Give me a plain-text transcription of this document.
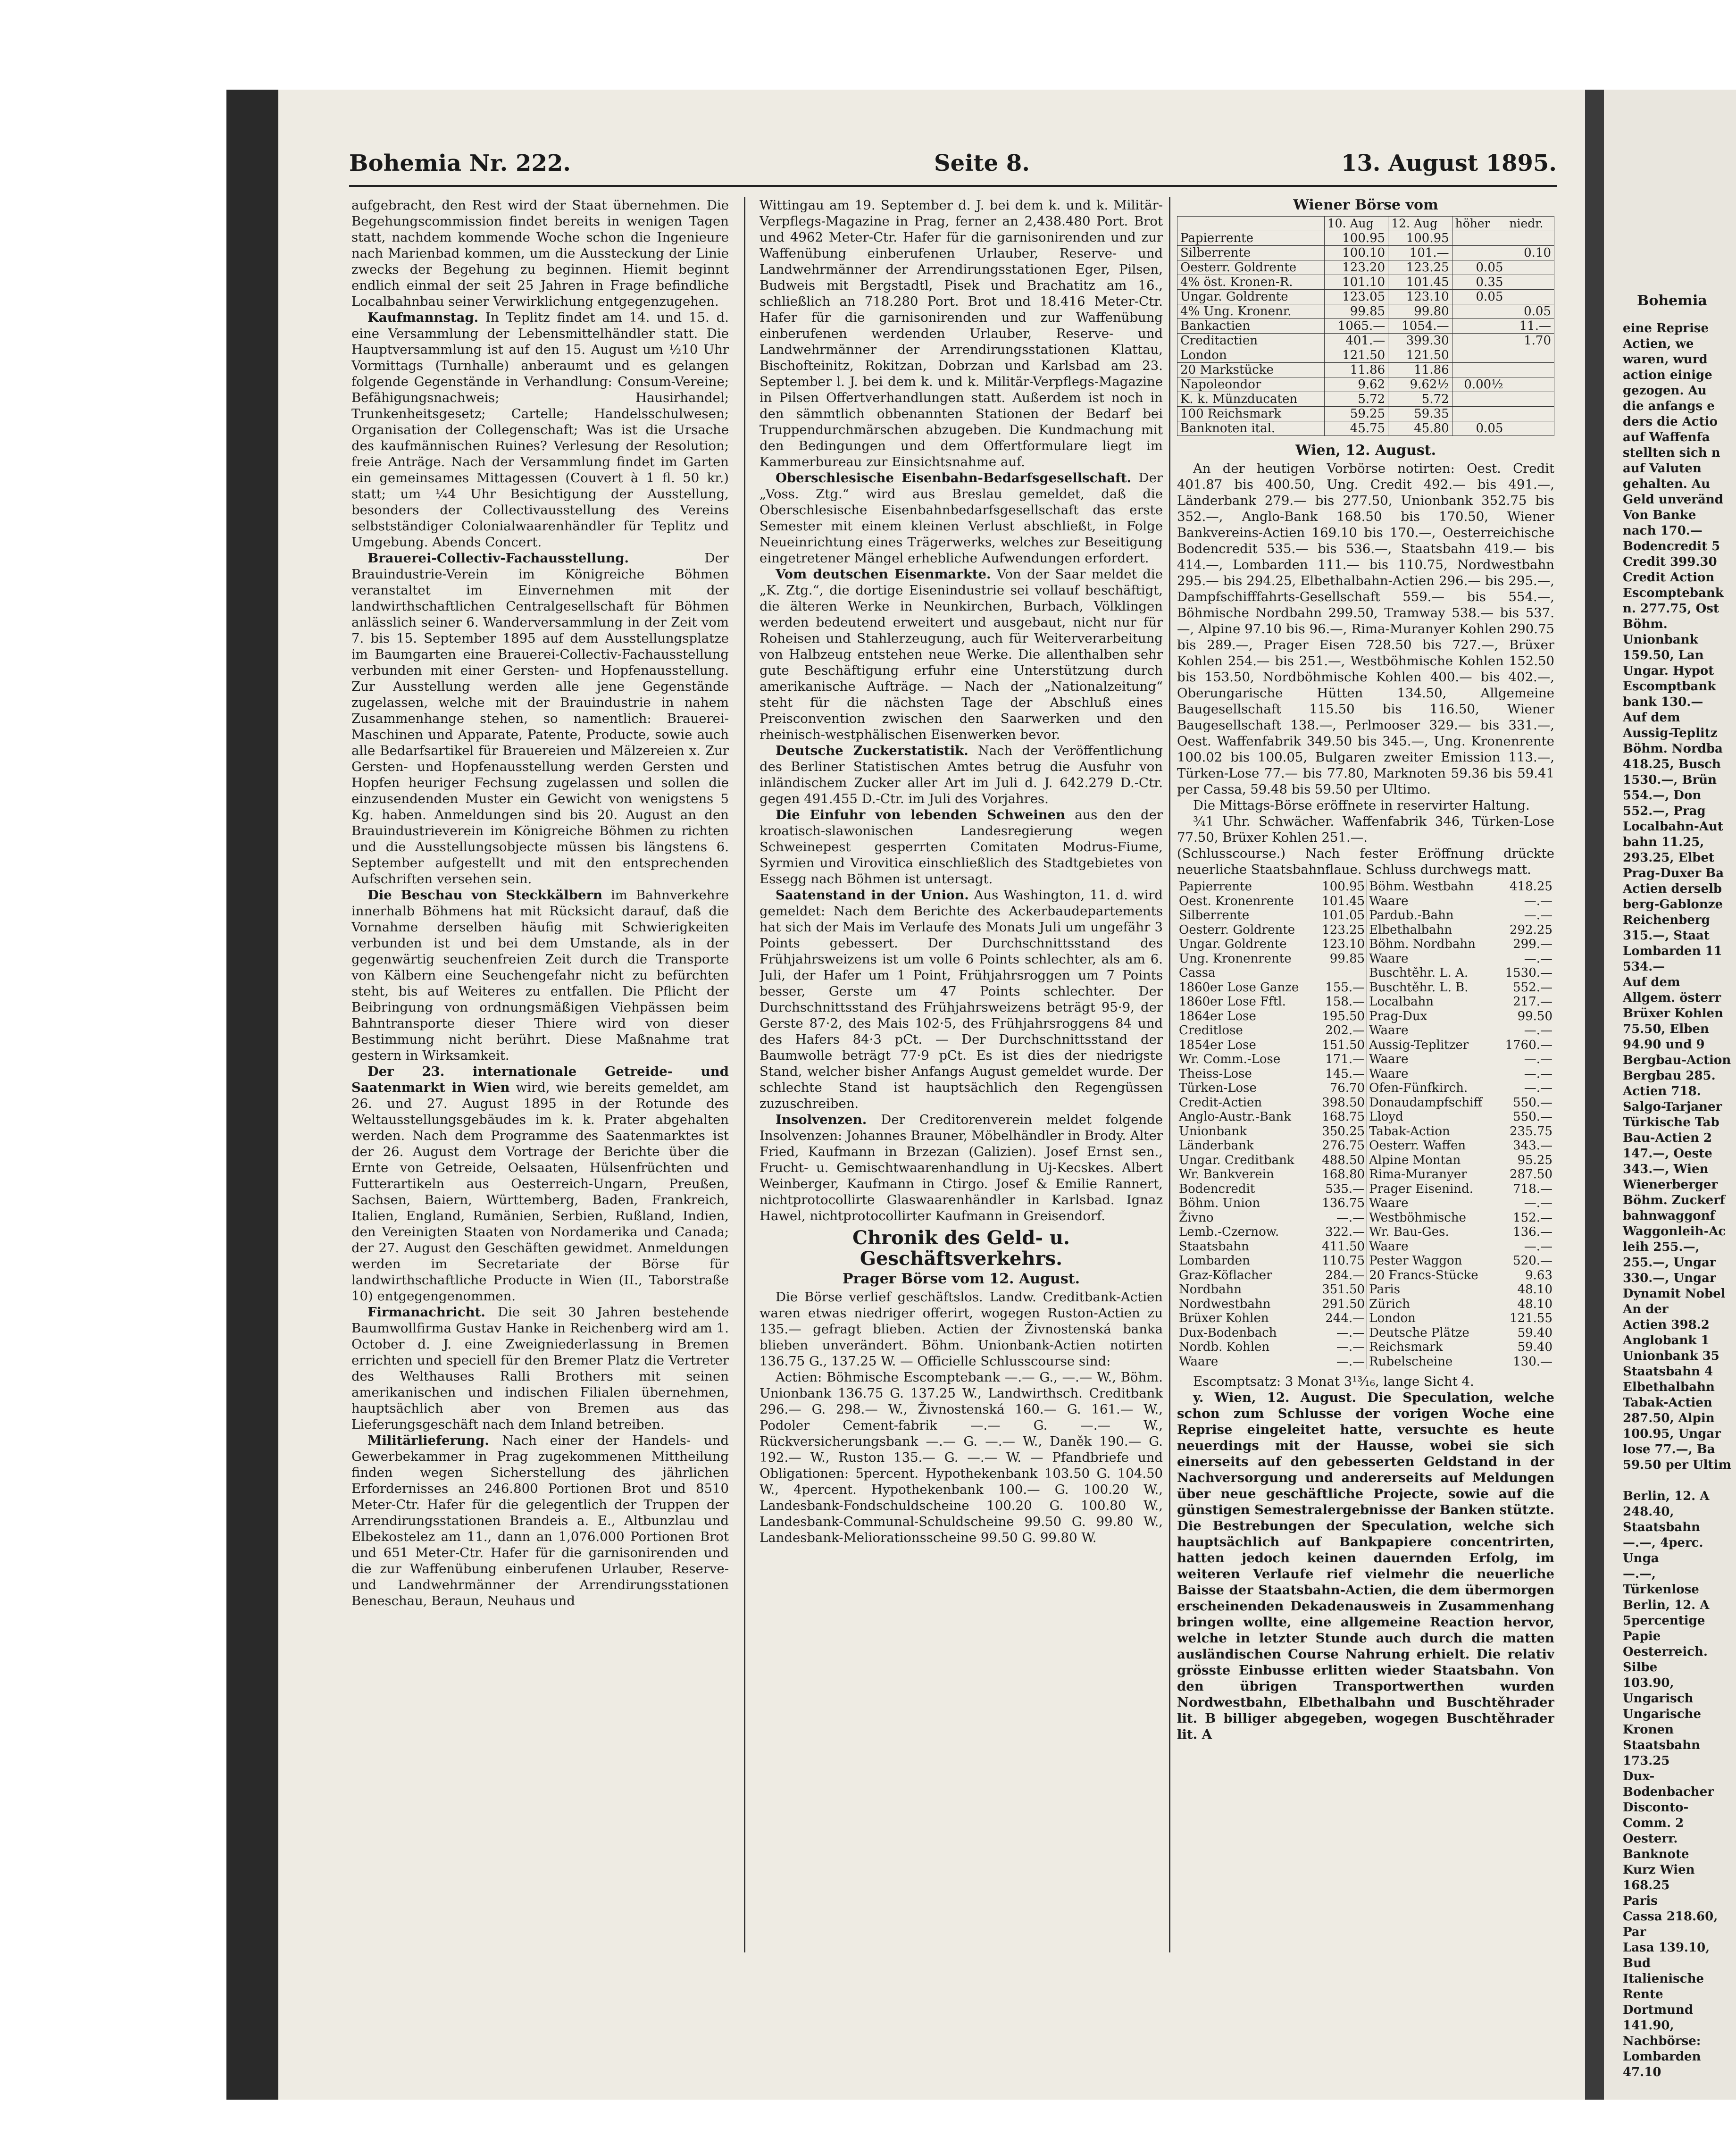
Bohemia
eine Reprise
Actien, we
waren, wurd
action einige
gezogen. Au
die anfangs e
ders die Actio
auf Waffenfa
stellten sich n
auf Valuten
gehalten. Au
Geld unveränd
Von Banke
nach 170.—
Bodencredit 5
Credit 399.30
Credit Action
Escomptebank
n. 277.75, Ost
Böhm. Unionbank
159.50, Lan
Ungar. Hypot
Escomptbank
bank 130.—
Auf dem
Aussig-Teplitz
Böhm. Nordba
418.25, Busch
1530.—, Brün
554.—, Don
552.—, Prag
Localbahn-Aut
bahn 11.25,
293.25, Elbet
Prag-Duxer Ba
Actien derselb
berg-Gablonze
Reichenberg
315.—, Staat
Lombarden 11
534.—
Auf dem
Allgem. österr
Brüxer Kohlen
75.50, Elben
94.90 und 9
Bergbau-Action
Bergbau 285.
Actien 718.
Salgo-Tarjaner
Türkische Tab
Bau-Actien 2
147.—, Oeste
343.—, Wien
Wienerberger
Böhm. Zuckerf
bahnwaggonf
Waggonleih-Ac
leih 255.—,
255.—, Ungar
330.—, Ungar
Dynamit Nobel
An der
Actien 398.2
Anglobank 1
Unionbank 35
Staatsbahn 4
Elbethalbahn
Tabak-Actien
287.50, Alpin
100.95, Ungar
lose 77.—, Ba
59.50 per Ultim

Berlin, 12. A
248.40, Staatsbahn
—.—, 4perc. Unga
—.—, Türkenlose
Berlin, 12. A
5percentige Papie
Oesterreich. Silbe
103.90, Ungarisch
Ungarische Kronen
Staatsbahn 173.25
Dux-Bodenbacher
Disconto-Comm. 2
Oesterr. Banknote
Kurz Wien 168.25
Paris
Cassa 218.60, Par
Lasa 139.10, Bud
Italienische Rente
Dortmund 141.90,
Nachbörse:
Lombarden 47.10
Bohemia Nr. 222.	Seite 8.	13. August 1895.

aufgebracht, den Rest wird der Staat übernehmen. Die Begehungscommission findet bereits in wenigen Tagen statt, nachdem kommende Woche schon die Ingenieure nach Marienbad kommen, um die Aussteckung der Linie zwecks der Begehung zu beginnen. Hiemit beginnt endlich einmal der seit 25 Jahren in Frage befindliche Localbahnbau seiner Verwirklichung entgegenzugehen.

Kaufmannstag. In Teplitz findet am 14. und 15. d. eine Versammlung der Lebensmittelhändler statt. Die Hauptversammlung ist auf den 15. August um ½10 Uhr Vormittags (Turnhalle) anberaumt und es gelangen folgende Gegenstände in Verhandlung: Consum-Vereine; Befähigungsnachweis; Hausirhandel; Trunkenheitsgesetz; Cartelle; Handelsschulwesen; Organisation der Collegenschaft; Was ist die Ursache des kaufmännischen Ruines? Verlesung der Resolution; freie Anträge. Nach der Versammlung findet im Garten ein gemeinsames Mittagessen (Couvert à 1 fl. 50 kr.) statt; um ¼4 Uhr Besichtigung der Ausstellung, besonders der Collectivausstellung des Vereins selbstständiger Colonialwaarenhändler für Teplitz und Umgebung. Abends Concert.

Brauerei-Collectiv-Fachausstellung. Der Brauindustrie-Verein im Königreiche Böhmen veranstaltet im Einvernehmen mit der landwirthschaftlichen Centralgesellschaft für Böhmen anlässlich seiner 6. Wanderversammlung in der Zeit vom 7. bis 15. September 1895 auf dem Ausstellungsplatze im Baumgarten eine Brauerei-Collectiv-Fachausstellung verbunden mit einer Gersten- und Hopfenausstellung. Zur Ausstellung werden alle jene Gegenstände zugelassen, welche mit der Brauindustrie in nahem Zusammenhange stehen, so namentlich: Brauerei-Maschinen und Apparate, Patente, Producte, sowie auch alle Bedarfsartikel für Brauereien und Mälzereien x. Zur Gersten- und Hopfenausstellung werden Gersten und Hopfen heuriger Fechsung zugelassen und sollen die einzusendenden Muster ein Gewicht von wenigstens 5 Kg. haben. Anmeldungen sind bis 20. August an den Brauindustrieverein im Königreiche Böhmen zu richten und die Ausstellungsobjecte müssen bis längstens 6. September aufgestellt und mit den entsprechenden Aufschriften versehen sein.

Die Beschau von Steckkälbern im Bahnverkehre innerhalb Böhmens hat mit Rücksicht darauf, daß die Vornahme derselben häufig mit Schwierigkeiten verbunden ist und bei dem Umstande, als in der gegenwärtig seuchenfreien Zeit durch die Transporte von Kälbern eine Seuchengefahr nicht zu befürchten steht, bis auf Weiteres zu entfallen. Die Pflicht der Beibringung von ordnungsmäßigen Viehpässen beim Bahntransporte dieser Thiere wird von dieser Bestimmung nicht berührt. Diese Maßnahme trat gestern in Wirksamkeit.

Der 23. internationale Getreide- und Saatenmarkt in Wien wird, wie bereits gemeldet, am 26. und 27. August 1895 in der Rotunde des Weltausstellungsgebäudes im k. k. Prater abgehalten werden. Nach dem Programme des Saatenmarktes ist der 26. August dem Vortrage der Berichte über die Ernte von Getreide, Oelsaaten, Hülsenfrüchten und Futterartikeln aus Oesterreich-Ungarn, Preußen, Sachsen, Baiern, Württemberg, Baden, Frankreich, Italien, England, Rumänien, Serbien, Rußland, Indien, den Vereinigten Staaten von Nordamerika und Canada; der 27. August den Geschäften gewidmet. Anmeldungen werden im Secretariate der Börse für landwirthschaftliche Producte in Wien (II., Taborstraße 10) entgegengenommen.

Firmanachricht. Die seit 30 Jahren bestehende Baumwollfirma Gustav Hanke in Reichenberg wird am 1. October d. J. eine Zweigniederlassung in Bremen errichten und speciell für den Bremer Platz die Vertreter des Welthauses Ralli Brothers mit seinen amerikanischen und indischen Filialen übernehmen, hauptsächlich aber von Bremen aus das Lieferungsgeschäft nach dem Inland betreiben.

Militärlieferung. Nach einer der Handels- und Gewerbekammer in Prag zugekommenen Mittheilung finden wegen Sicherstellung des jährlichen Erfordernisses an 246.800 Portionen Brot und 8510 Meter-Ctr. Hafer für die gelegentlich der Truppen der Arrendirungsstationen Brandeis a. E., Altbunzlau und Elbekostelez am 11., dann an 1,076.000 Portionen Brot und 651 Meter-Ctr. Hafer für die garnisonirenden und die zur Waffenübung einberufenen Urlauber, Reserve- und Landwehrmänner der Arrendirungsstationen Beneschau, Beraun, Neuhaus und

Wittingau am 19. September d. J. bei dem k. und k. Militär-Verpflegs-Magazine in Prag, ferner an 2,438.480 Port. Brot und 4962 Meter-Ctr. Hafer für die garnisonirenden und zur Waffenübung einberufenen Urlauber, Reserve- und Landwehrmänner der Arrendirungsstationen Eger, Pilsen, Budweis mit Bergstadtl, Pisek und Brachatitz am 16., schließlich an 718.280 Port. Brot und 18.416 Meter-Ctr. Hafer für die garnisonirenden und zur Waffenübung einberufenen werdenden Urlauber, Reserve- und Landwehrmänner der Arrendirungsstationen Klattau, Bischofteinitz, Rokitzan, Dobrzan und Karlsbad am 23. September l. J. bei dem k. und k. Militär-Verpflegs-Magazine in Pilsen Offertverhandlungen statt. Außerdem ist noch in den sämmtlich obbenannten Stationen der Bedarf bei Truppendurchmärschen abzugeben. Die Kundmachung mit den Bedingungen und dem Offertformulare liegt im Kammerbureau zur Einsichtsnahme auf.

Oberschlesische Eisenbahn-Bedarfsgesellschaft. Der „Voss. Ztg.“ wird aus Breslau gemeldet, daß die Oberschlesische Eisenbahnbedarfsgesellschaft das erste Semester mit einem kleinen Verlust abschließt, in Folge Neueinrichtung eines Trägerwerks, welches zur Beseitigung eingetretener Mängel erhebliche Aufwendungen erfordert.

Vom deutschen Eisenmarkte. Von der Saar meldet die „K. Ztg.“, die dortige Eisenindustrie sei vollauf beschäftigt, die älteren Werke in Neunkirchen, Burbach, Völklingen werden bedeutend erweitert und ausgebaut, nicht nur für Roheisen und Stahlerzeugung, auch für Weiterverarbeitung von Halbzeug entstehen neue Werke. Die allenthalben sehr gute Beschäftigung erfuhr eine Unterstützung durch amerikanische Aufträge. — Nach der „Nationalzeitung“ steht für die nächsten Tage der Abschluß eines Preisconvention zwischen den Saarwerken und den rheinisch-westphälischen Eisenwerken bevor.

Deutsche Zuckerstatistik. Nach der Veröffentlichung des Berliner Statistischen Amtes betrug die Ausfuhr von inländischem Zucker aller Art im Juli d. J. 642.279 D.-Ctr. gegen 491.455 D.-Ctr. im Juli des Vorjahres.

Die Einfuhr von lebenden Schweinen aus den der kroatisch-slawonischen Landesregierung wegen Schweinepest gesperrten Comitaten Modrus-Fiume, Syrmien und Virovitica einschließlich des Stadtgebietes von Essegg nach Böhmen ist untersagt.

Saatenstand in der Union. Aus Washington, 11. d. wird gemeldet: Nach dem Berichte des Ackerbaudepartements hat sich der Mais im Verlaufe des Monats Juli um ungefähr 3 Points gebessert. Der Durchschnittsstand des Frühjahrsweizens ist um volle 6 Points schlechter, als am 6. Juli, der Hafer um 1 Point, Frühjahrsroggen um 7 Points besser, Gerste um 47 Points schlechter. Der Durchschnittsstand des Frühjahrsweizens beträgt 95·9, der Gerste 87·2, des Mais 102·5, des Frühjahrsroggens 84 und des Hafers 84·3 pCt. — Der Durchschnittsstand der Baumwolle beträgt 77·9 pCt. Es ist dies der niedrigste Stand, welcher bisher Anfangs August gemeldet wurde. Der schlechte Stand ist hauptsächlich den Regengüssen zuzuschreiben.

Insolvenzen. Der Creditorenverein meldet folgende Insolvenzen: Johannes Brauner, Möbelhändler in Brody. Alter Fried, Kaufmann in Brzezan (Galizien). Josef Ernst sen., Frucht- u. Gemischtwaarenhandlung in Uj-Kecskes. Albert Weinberger, Kaufmann in Ctirgo. Josef & Emilie Rannert, nichtprotocollirte Glaswaarenhändler in Karlsbad. Ignaz Hawel, nichtprotocollirter Kaufmann in Greisendorf.

Chronik des Geld- u. Geschäftsverkehrs.
Prager Börse vom 12. August.

Die Börse verlief geschäftslos. Landw. Creditbank-Actien waren etwas niedriger offerirt, wogegen Ruston-Actien zu 135.— gefragt blieben. Actien der Živnostenská banka blieben unverändert. Böhm. Unionbank-Actien notirten 136.75 G., 137.25 W. — Officielle Schlusscourse sind:

Actien: Böhmische Escomptebank —.— G., —.— W., Böhm. Unionbank 136.75 G. 137.25 W., Landwirthsch. Creditbank 296.— G. 298.— W., Živnostenská 160.— G. 161.— W., Podoler Cement-fabrik —.— G. —.— W., Rückversicherungsbank —.— G. —.— W., Daněk 190.— G. 192.— W., Ruston 135.— G. —.— W. — Pfandbriefe und Obligationen: 5percent. Hypothekenbank 103.50 G. 104.50 W., 4percent. Hypothekenbank 100.— G. 100.20 W., Landesbank-Fondschuldscheine 100.20 G. 100.80 W., Landesbank-Communal-Schuldscheine 99.50 G. 99.80 W., Landesbank-Meliorationsscheine 99.50 G. 99.80 W.

Wiener Börse vom
	10. Aug	12. Aug	höher	niedr.
Papierrente	100.95	100.95		
Silberrente	100.10	101.—		0.10
Oesterr. Goldrente	123.20	123.25	0.05	
4% öst. Kronen-R.	101.10	101.45	0.35	
Ungar. Goldrente	123.05	123.10	0.05	
4% Ung. Kronenr.	99.85	99.80		0.05
Bankactien	1065.—	1054.—		11.—
Creditactien	401.—	399.30		1.70
London	121.50	121.50		
20 Markstücke	11.86	11.86		
Napoleondor	9.62	9.62½	0.00½	
K. k. Münzducaten	5.72	5.72		
100 Reichsmark	59.25	59.35		
Banknoten ital.	45.75	45.80	0.05	
Wien, 12. August.

An der heutigen Vorbörse notirten: Oest. Credit 401.87 bis 400.50, Ung. Credit 492.— bis 491.—, Länderbank 279.— bis 277.50, Unionbank 352.75 bis 352.—, Anglo-Bank 168.50 bis 170.50, Wiener Bankvereins-Actien 169.10 bis 170.—, Oesterreichische Bodencredit 535.— bis 536.—, Staatsbahn 419.— bis 414.—, Lombarden 111.— bis 110.75, Nordwestbahn 295.— bis 294.25, Elbethalbahn-Actien 296.— bis 295.—, Dampfschifffahrts-Gesellschaft 559.— bis 554.—, Böhmische Nordbahn 299.50, Tramway 538.— bis 537.—, Alpine 97.10 bis 96.—, Rima-Muranyer Kohlen 290.75 bis 289.—, Prager Eisen 728.50 bis 727.—, Brüxer Kohlen 254.— bis 251.—, Westböhmische Kohlen 152.50 bis 153.50, Nordböhmische Kohlen 400.— bis 402.—, Oberungarische Hütten 134.50, Allgemeine Baugesellschaft 115.50 bis 116.50, Wiener Baugesellschaft 138.—, Perlmooser 329.— bis 331.—, Oest. Waffenfabrik 349.50 bis 345.—, Ung. Kronenrente 100.02 bis 100.05, Bulgaren zweiter Emission 113.—, Türken-Lose 77.— bis 77.80, Marknoten 59.36 bis 59.41 per Cassa, 59.48 bis 59.50 per Ultimo.

Die Mittags-Börse eröffnete in reservirter Haltung.

¾1 Uhr. Schwächer. Waffenfabrik 346, Türken-Lose 77.50, Brüxer Kohlen 251.—.

(Schlusscourse.) Nach fester Eröffnung drückte neuerliche Staatsbahnflaue. Schluss durchwegs matt.

Papierrente	100.95	Böhm. Westbahn	418.25
Oest. Kronenrente	101.45	Waare	—.—
Silberrente	101.05	Pardub.-Bahn	—.—
Oesterr. Goldrente	123.25	Elbethalbahn	292.25
Ungar. Goldrente	123.10	Böhm. Nordbahn	299.—
Ung. Kronenrente	99.85	Waare	—.—
Cassa		Buschtěhr. L. A.	1530.—
1860er Lose Ganze	155.—	Buschtěhr. L. B.	552.—
1860er Lose Fftl.	158.—	Localbahn	217.—
1864er Lose	195.50	Prag-Dux	99.50
Creditlose	202.—	Waare	—.—
1854er Lose	151.50	Aussig-Teplitzer	1760.—
Wr. Comm.-Lose	171.—	Waare	—.—
Theiss-Lose	145.—	Waare	—.—
Türken-Lose	76.70	Ofen-Fünfkirch.	—.—
Credit-Actien	398.50	Donaudampfschiff	550.—
Anglo-Austr.-Bank	168.75	Lloyd	550.—
Unionbank	350.25	Tabak-Action	235.75
Länderbank	276.75	Oesterr. Waffen	343.—
Ungar. Creditbank	488.50	Alpine Montan	95.25
Wr. Bankverein	168.80	Rima-Muranyer	287.50
Bodencredit	535.—	Prager Eisenind.	718.—
Böhm. Union	136.75	Waare	—.—
Živno	—.—	Westböhmische	152.—
Lemb.-Czernow.	322.—	Wr. Bau-Ges.	136.—
Staatsbahn	411.50	Waare	—.—
Lombarden	110.75	Pester Waggon	520.—
Graz-Köflacher	284.—	20 Francs-Stücke	9.63
Nordbahn	351.50	Paris	48.10
Nordwestbahn	291.50	Zürich	48.10
Brüxer Kohlen	244.—	London	121.55
Dux-Bodenbach	—.—	Deutsche Plätze	59.40
Nordb. Kohlen	—.—	Reichsmark	59.40
Waare	—.—	Rubelscheine	130.—

Escomptsatz: 3 Monat 3¹³⁄₁₆, lange Sicht 4.

y. Wien, 12. August. Die Speculation, welche schon zum Schlusse der vorigen Woche eine Reprise eingeleitet hatte, versuchte es heute neuerdings mit der Hausse, wobei sie sich einerseits auf den gebesserten Geldstand in der Nachversorgung und andererseits auf Meldungen über neue geschäftliche Projecte, sowie auf die günstigen Semestralergebnisse der Banken stützte. Die Bestrebungen der Speculation, welche sich hauptsächlich auf Bankpapiere concentrirten, hatten jedoch keinen dauernden Erfolg, im weiteren Verlaufe rief vielmehr die neuerliche Baisse der Staatsbahn-Actien, die dem übermorgen erscheinenden Dekadenausweis in Zusammenhang bringen wollte, eine allgemeine Reaction hervor, welche in letzter Stunde auch durch die matten ausländischen Course Nahrung erhielt. Die relativ grösste Einbusse erlitten wieder Staatsbahn. Von den übrigen Transportwerthen wurden Nordwestbahn, Elbethalbahn und Buschtěhrader lit. B billiger abgegeben, wogegen Buschtěhrader lit. A
